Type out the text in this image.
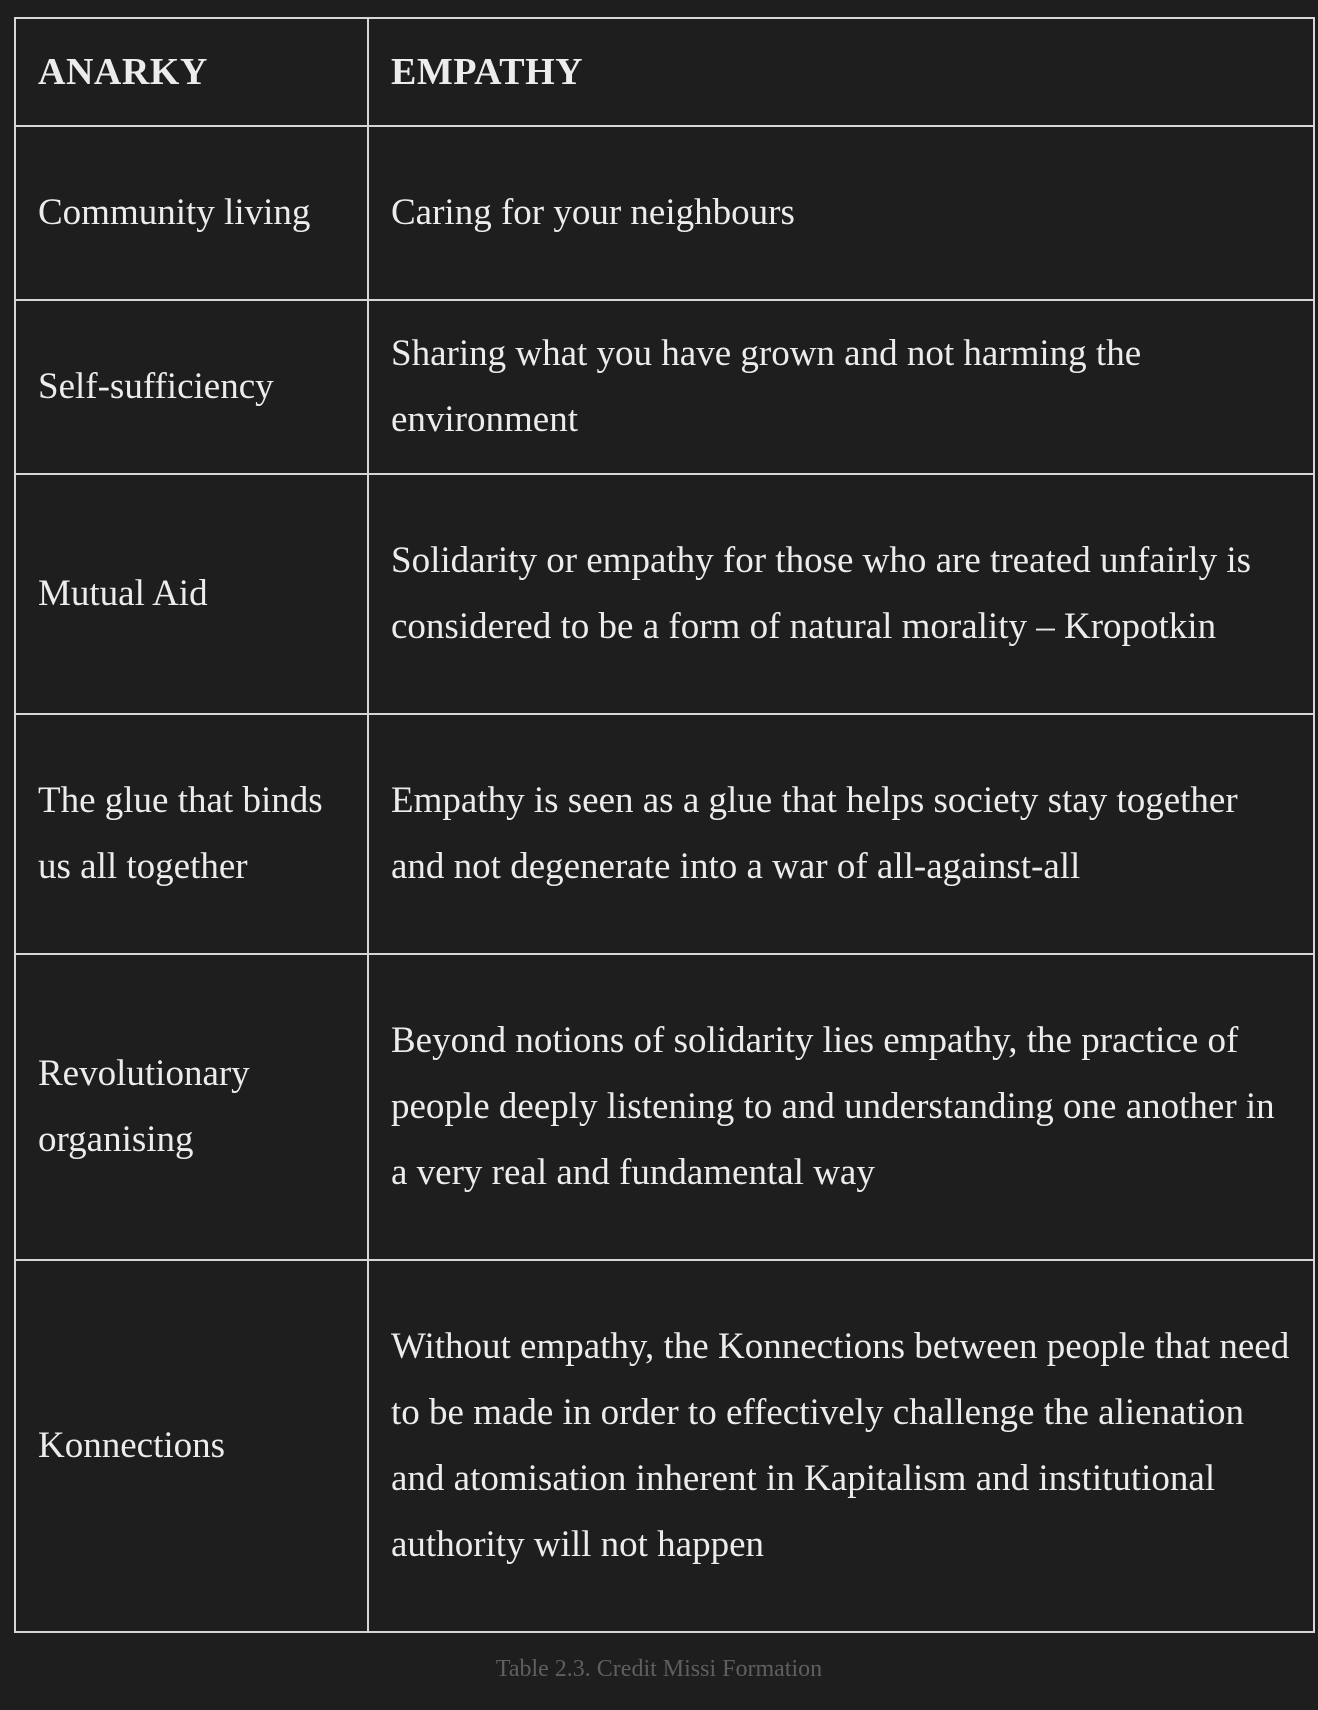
ANARKY	EMPATHY
Community living	Caring for your neighbours
Self-sufficiency	Sharing what you have grown and not harming the environment
Mutual Aid	Solidarity or empathy for those who are treated unfairly is considered to be a form of natural morality – Kropotkin
The glue that binds us all together	Empathy is seen as a glue that helps society stay together and not degenerate into a war of all-against-all
Revolutionary organising	Beyond notions of solidarity lies empathy, the practice of people deeply listening to and understanding one another in a very real and fundamental way
Konnections	Without empathy, the Konnections between people that need to be made in order to effectively challenge the alienation and atomisation inherent in Kapitalism and institutional authority will not happen
Table 2.3. Credit Missi Formation
